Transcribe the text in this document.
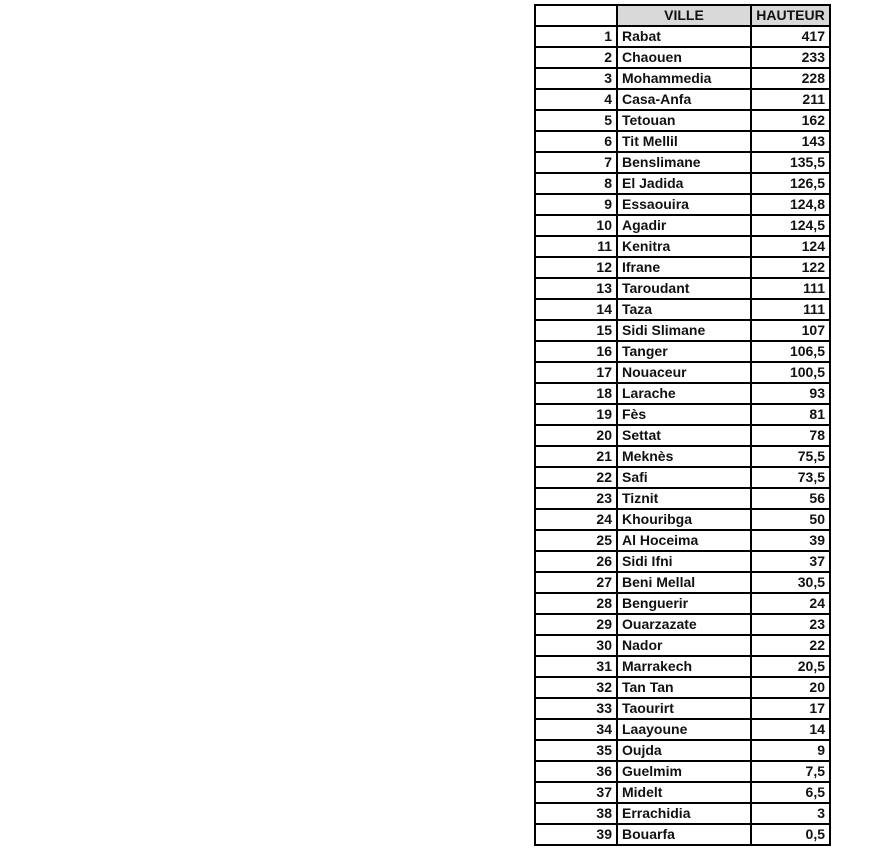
	VILLE	HAUTEUR
1	Rabat	417
2	Chaouen	233
3	Mohammedia	228
4	Casa-Anfa	211
5	Tetouan	162
6	Tit Mellil	143
7	Benslimane	135,5
8	El Jadida	126,5
9	Essaouira	124,8
10	Agadir	124,5
11	Kenitra	124
12	Ifrane	122
13	Taroudant	111
14	Taza	111
15	Sidi Slimane	107
16	Tanger	106,5
17	Nouaceur	100,5
18	Larache	93
19	Fès	81
20	Settat	78
21	Meknès	75,5
22	Safi	73,5
23	Tiznit	56
24	Khouribga	50
25	Al Hoceima	39
26	Sidi Ifni	37
27	Beni Mellal	30,5
28	Benguerir	24
29	Ouarzazate	23
30	Nador	22
31	Marrakech	20,5
32	Tan Tan	20
33	Taourirt	17
34	Laayoune	14
35	Oujda	9
36	Guelmim	7,5
37	Midelt	6,5
38	Errachidia	3
39	Bouarfa	0,5
